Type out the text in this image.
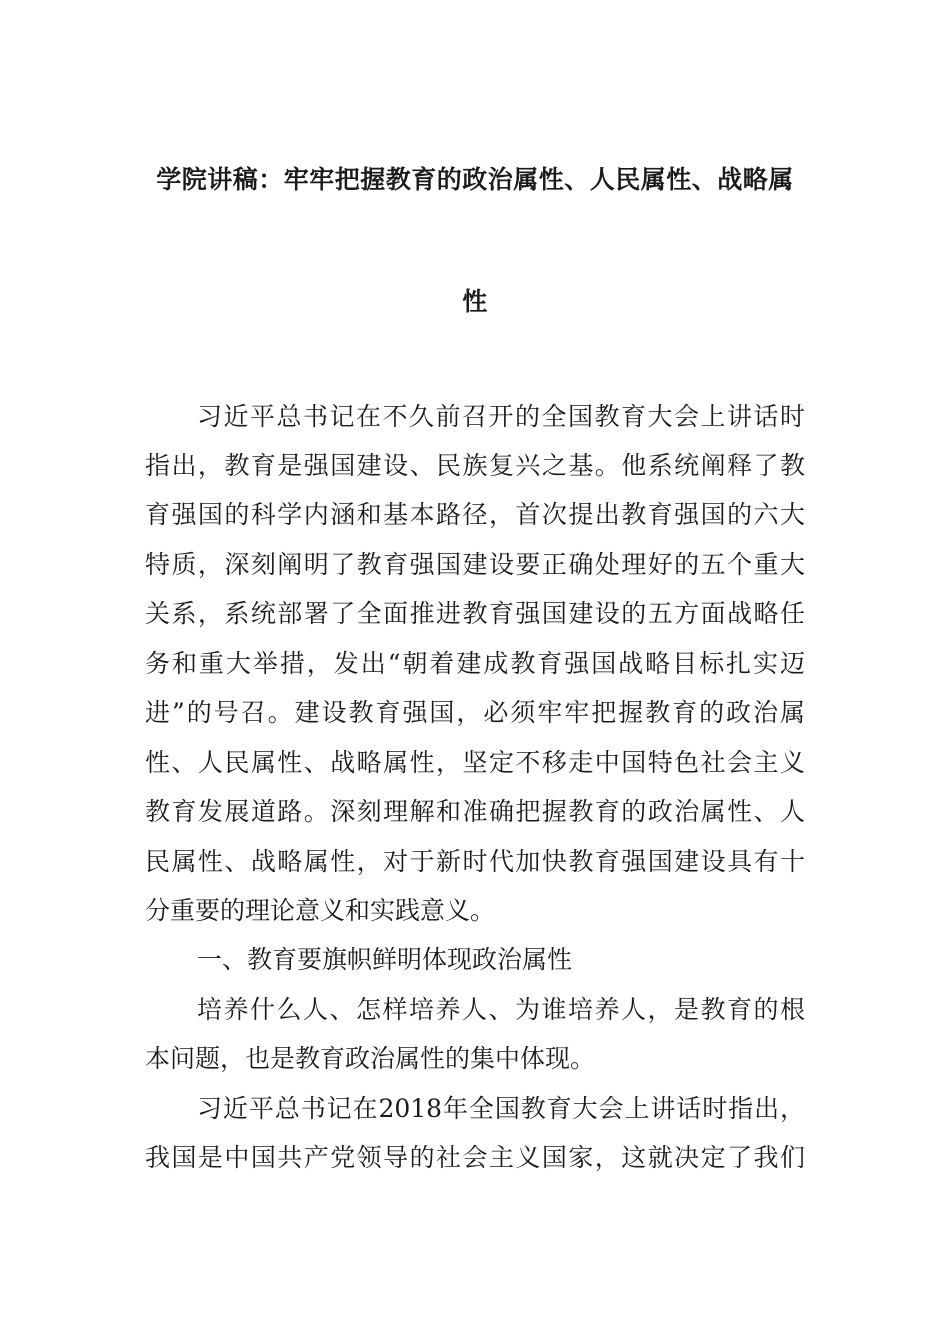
学院讲稿：牢牢把握教育的政治属性、人民属性、战略属
性

习近平总书记在不久前召开的全国教育大会上讲话时

指出，教育是强国建设、民族复兴之基。他系统阐释了教

育强国的科学内涵和基本路径，首次提出教育强国的六大

特质，深刻阐明了教育强国建设要正确处理好的五个重大

关系，系统部署了全面推进教育强国建设的五方面战略任

务和重大举措，发出“朝着建成教育强国战略目标扎实迈

进”的号召。建设教育强国，必须牢牢把握教育的政治属

性、人民属性、战略属性，坚定不移走中国特色社会主义

教育发展道路。深刻理解和准确把握教育的政治属性、人

民属性、战略属性，对于新时代加快教育强国建设具有十

分重要的理论意义和实践意义。

一、教育要旗帜鲜明体现政治属性

培养什么人、怎样培养人、为谁培养人，是教育的根

本问题，也是教育政治属性的集中体现。

习近平总书记在2018年全国教育大会上讲话时指出，

我国是中国共产党领导的社会主义国家，这就决定了我们
